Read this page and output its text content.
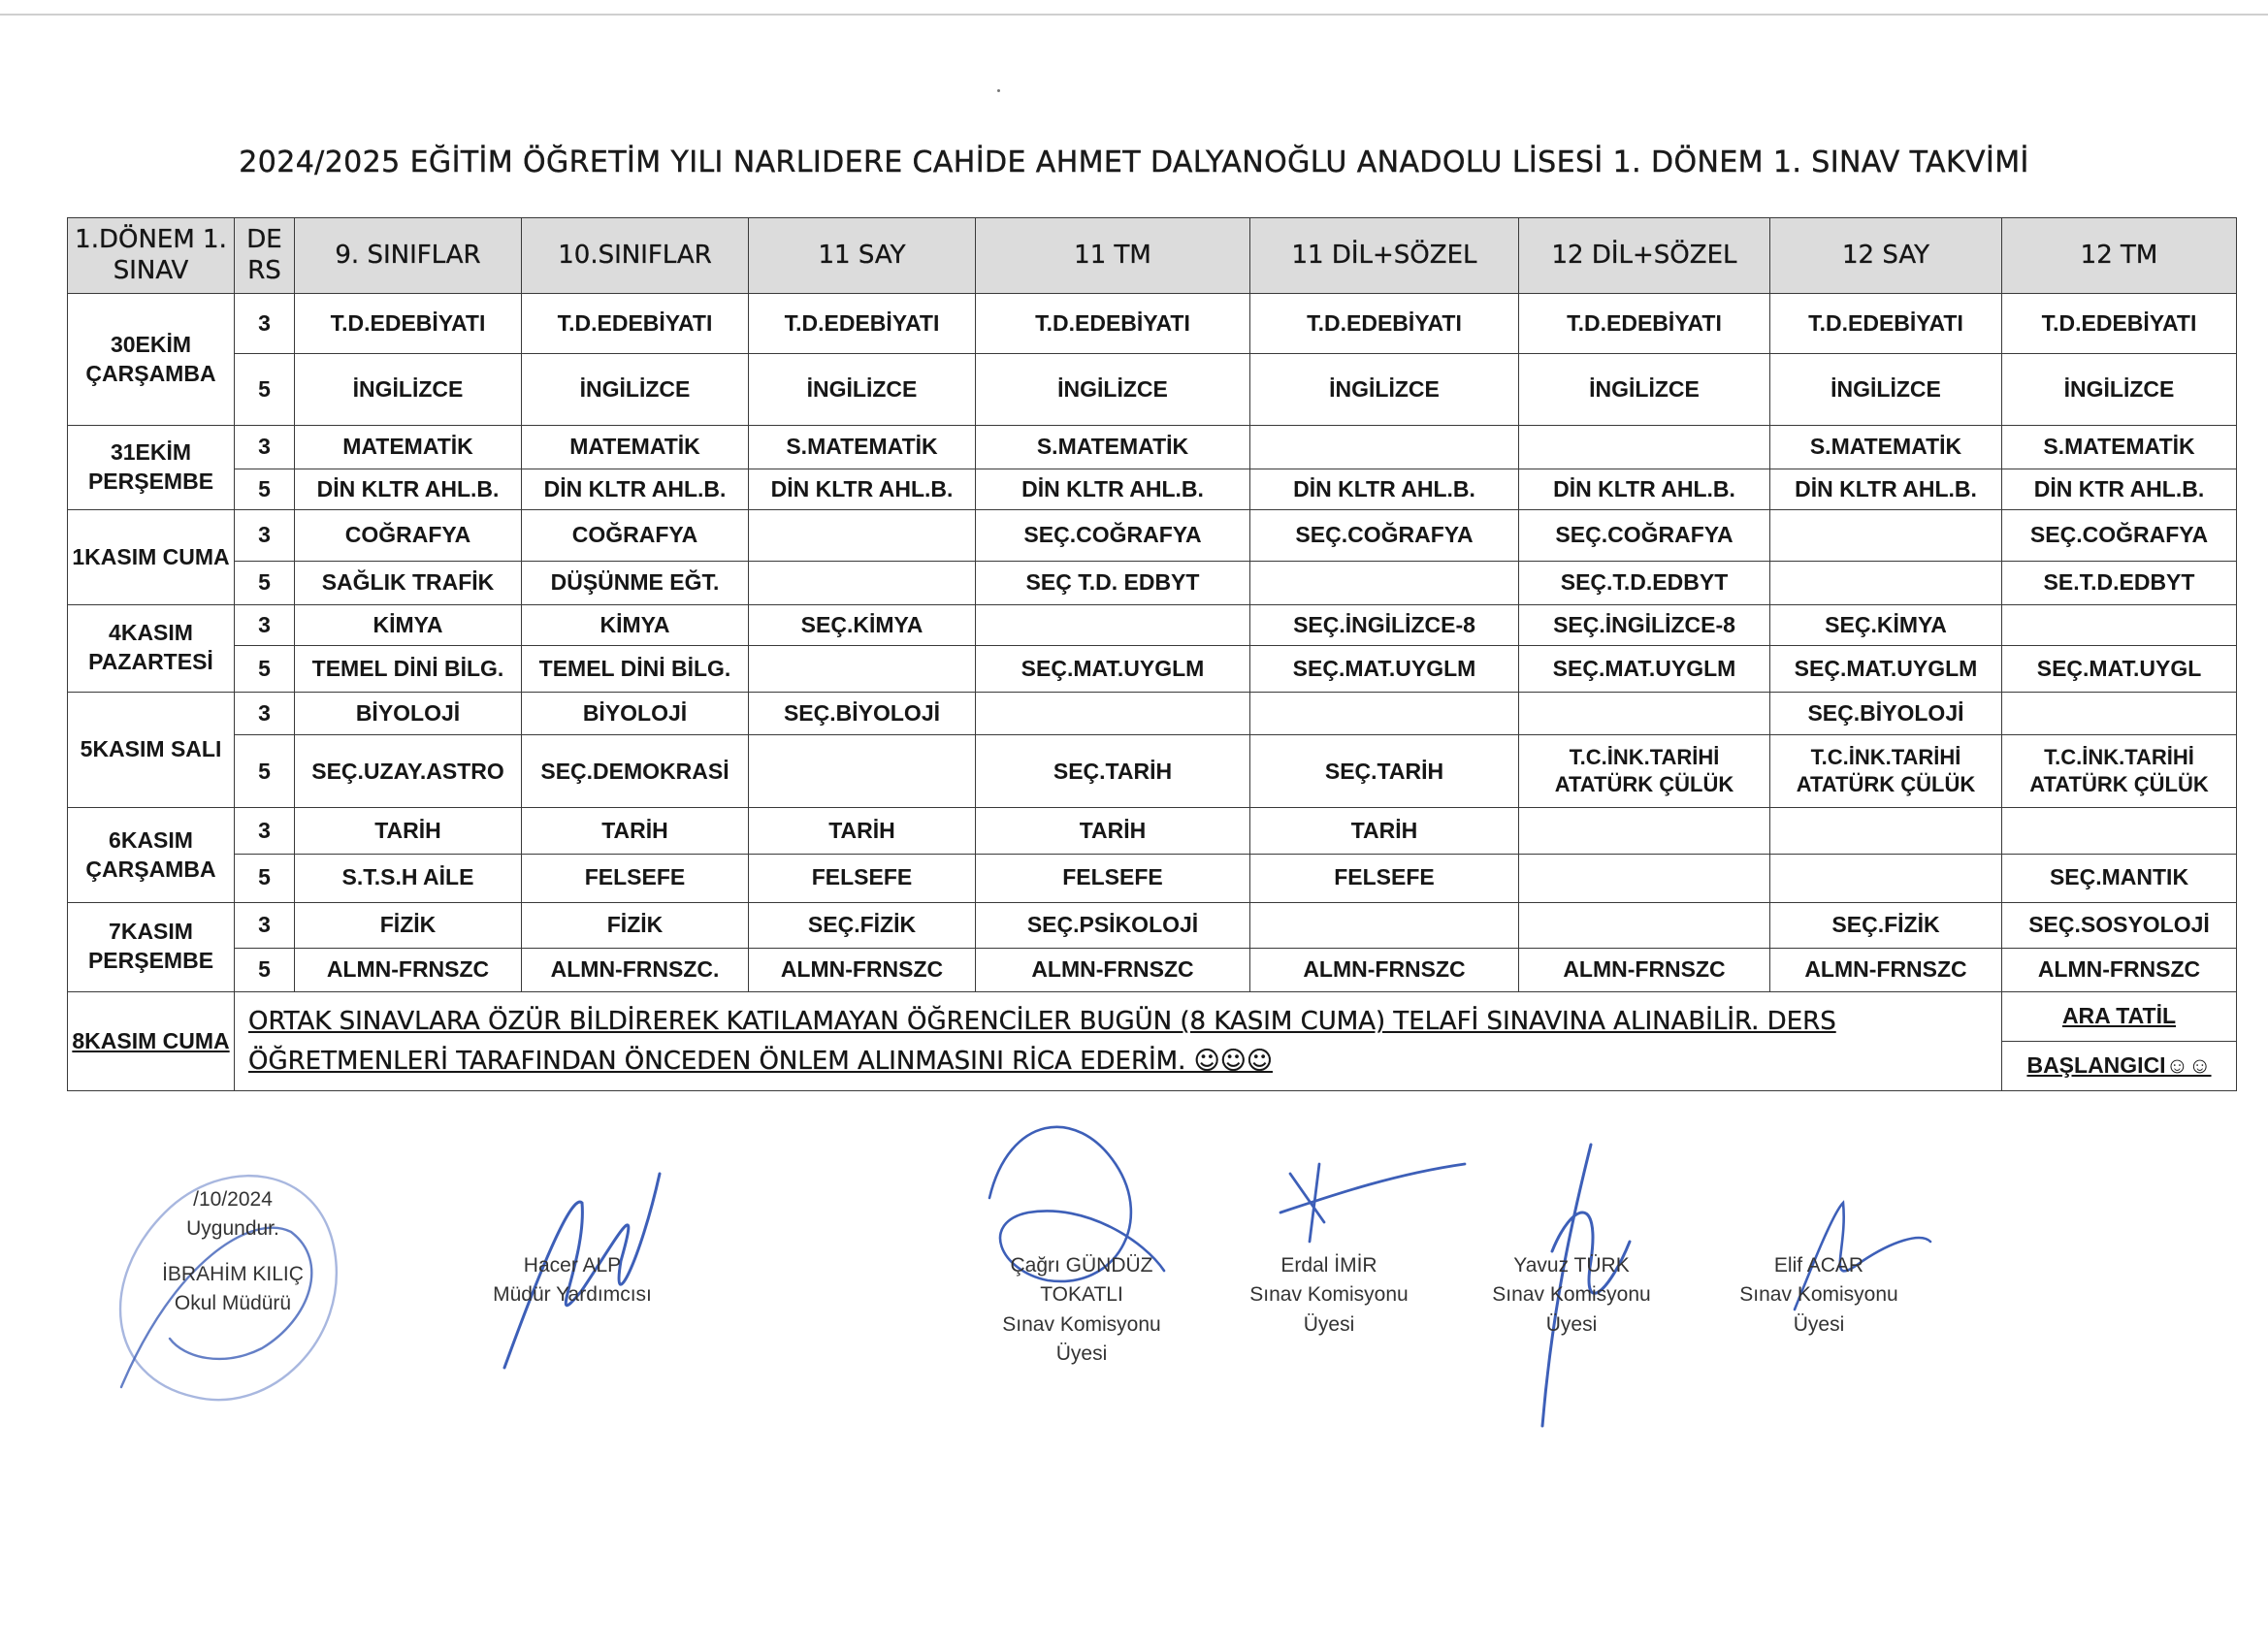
2024/2025 EĞİTİM ÖĞRETİM YILI NARLIDERE CAHİDE AHMET DALYANOĞLU ANADOLU LİSESİ 1. DÖNEM 1. SINAV TAKVİMİ
1.DÖNEM 1. SINAV	DE RS	9. SINIFLAR	10.SINIFLAR	11 SAY	11 TM	11 DİL+SÖZEL	12 DİL+SÖZEL	12 SAY	12 TM
30EKİM ÇARŞAMBA	3	T.D.EDEBİYATI	T.D.EDEBİYATI	T.D.EDEBİYATI	T.D.EDEBİYATI	T.D.EDEBİYATI	T.D.EDEBİYATI	T.D.EDEBİYATI	T.D.EDEBİYATI
	5	İNGİLİZCE	İNGİLİZCE	İNGİLİZCE	İNGİLİZCE	İNGİLİZCE	İNGİLİZCE	İNGİLİZCE	İNGİLİZCE
31EKİM PERŞEMBE	3	MATEMATİK	MATEMATİK	S.MATEMATİK	S.MATEMATİK			S.MATEMATİK	S.MATEMATİK
	5	DİN KLTR AHL.B.	DİN KLTR AHL.B.	DİN KLTR AHL.B.	DİN KLTR AHL.B.	DİN KLTR AHL.B.	DİN KLTR AHL.B.	DİN KLTR AHL.B.	DİN KTR AHL.B.
1KASIM CUMA	3	COĞRAFYA	COĞRAFYA		SEÇ.COĞRAFYA	SEÇ.COĞRAFYA	SEÇ.COĞRAFYA		SEÇ.COĞRAFYA
	5	SAĞLIK TRAFİK	DÜŞÜNME EĞT.		SEÇ T.D. EDBYT		SEÇ.T.D.EDBYT		SE.T.D.EDBYT
4KASIM PAZARTESİ	3	KİMYA	KİMYA	SEÇ.KİMYA		SEÇ.İNGİLİZCE-8	SEÇ.İNGİLİZCE-8	SEÇ.KİMYA	
	5	TEMEL DİNİ BİLG.	TEMEL DİNİ BİLG.		SEÇ.MAT.UYGLM	SEÇ.MAT.UYGLM	SEÇ.MAT.UYGLM	SEÇ.MAT.UYGLM	SEÇ.MAT.UYGL
5KASIM SALI	3	BİYOLOJİ	BİYOLOJİ	SEÇ.BİYOLOJİ				SEÇ.BİYOLOJİ	
	5	SEÇ.UZAY.ASTRO	SEÇ.DEMOKRASİ		SEÇ.TARİH	SEÇ.TARİH	T.C.İNK.TARİHİ ATATÜRK ÇÜLÜK	T.C.İNK.TARİHİ ATATÜRK ÇÜLÜK	T.C.İNK.TARİHİ ATATÜRK ÇÜLÜK
6KASIM ÇARŞAMBA	3	TARİH	TARİH	TARİH	TARİH	TARİH			
	5	S.T.S.H AİLE	FELSEFE	FELSEFE	FELSEFE	FELSEFE			SEÇ.MANTIK
7KASIM PERŞEMBE	3	FİZİK	FİZİK	SEÇ.FİZİK	SEÇ.PSİKOLOJİ			SEÇ.FİZİK	SEÇ.SOSYOLOJİ
	5	ALMN-FRNSZC	ALMN-FRNSZC.	ALMN-FRNSZC	ALMN-FRNSZC	ALMN-FRNSZC	ALMN-FRNSZC	ALMN-FRNSZC	ALMN-FRNSZC
8KASIM CUMA	ORTAK SINAVLARA ÖZÜR BİLDİREREK KATILAMAYAN ÖĞRENCİLER BUGÜN (8 KASIM CUMA) TELAFİ SINAVINA ALINABİLİR. DERS ÖĞRETMENLERİ TARAFINDAN ÖNCEDEN ÖNLEM ALINMASINI RİCA EDERİM. ☺☺☺								ARA TATİL
									BAŞLANGICI☺☺
/10/2024
Uygundur.
İBRAHİM KILIÇ
Okul Müdürü
Hacer ALP
Müdür Yardımcısı
Çağrı GÜNDÜZ
TOKATLI
Sınav Komisyonu
Üyesi
Erdal İMİR
Sınav Komisyonu
Üyesi
Yavuz TÜRK
Sınav Komisyonu
Üyesi
Elif ACAR
Sınav Komisyonu
Üyesi
